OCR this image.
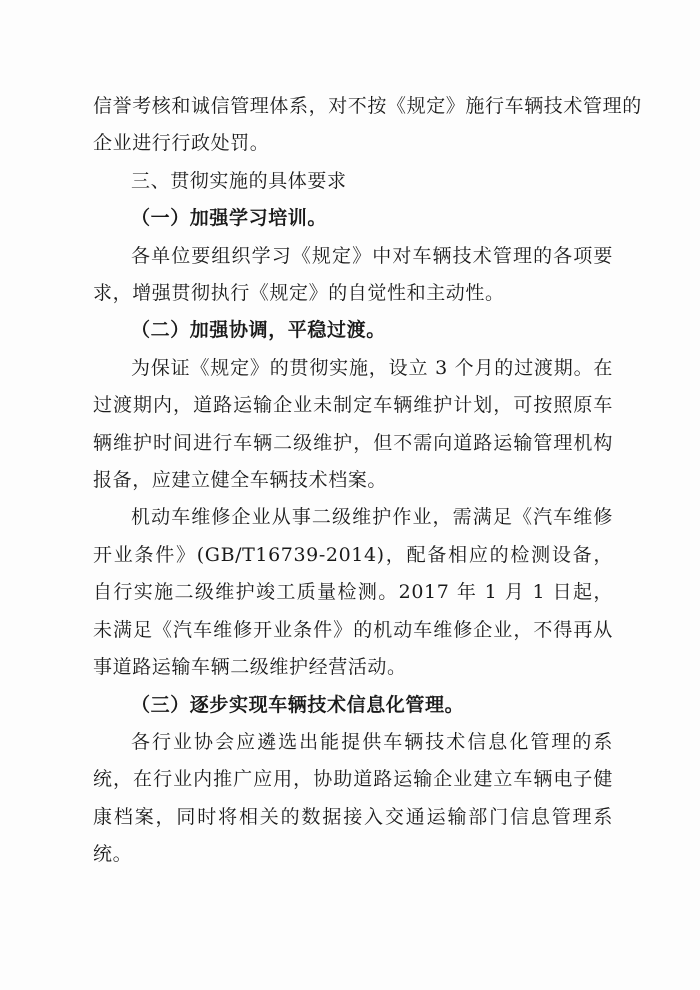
信誉考核和诚信管理体系，对不按《规定》施行车辆技术管理的
企业进行行政处罚。

三、贯彻实施的具体要求

（一）加强学习培训。

各单位要组织学习《规定》中对车辆技术管理的各项要求，增强贯彻执行《规定》的自觉性和主动性。

（二）加强协调，平稳过渡。

为保证《规定》的贯彻实施，设立 3 个月的过渡期。在过渡期内，道路运输企业未制定车辆维护计划，可按照原车辆维护时间进行车辆二级维护，但不需向道路运输管理机构报备，应建立健全车辆技术档案。

机动车维修企业从事二级维护作业，需满足《汽车维修开业条件》(GB/T16739-2014)，配备相应的检测设备，自行实施二级维护竣工质量检测。2017 年 1 月 1 日起，未满足《汽车维修开业条件》的机动车维修企业，不得再从事道路运输车辆二级维护经营活动。

（三）逐步实现车辆技术信息化管理。

各行业协会应遴选出能提供车辆技术信息化管理的系统，在行业内推广应用，协助道路运输企业建立车辆电子健康档案，同时将相关的数据接入交通运输部门信息管理系统。
